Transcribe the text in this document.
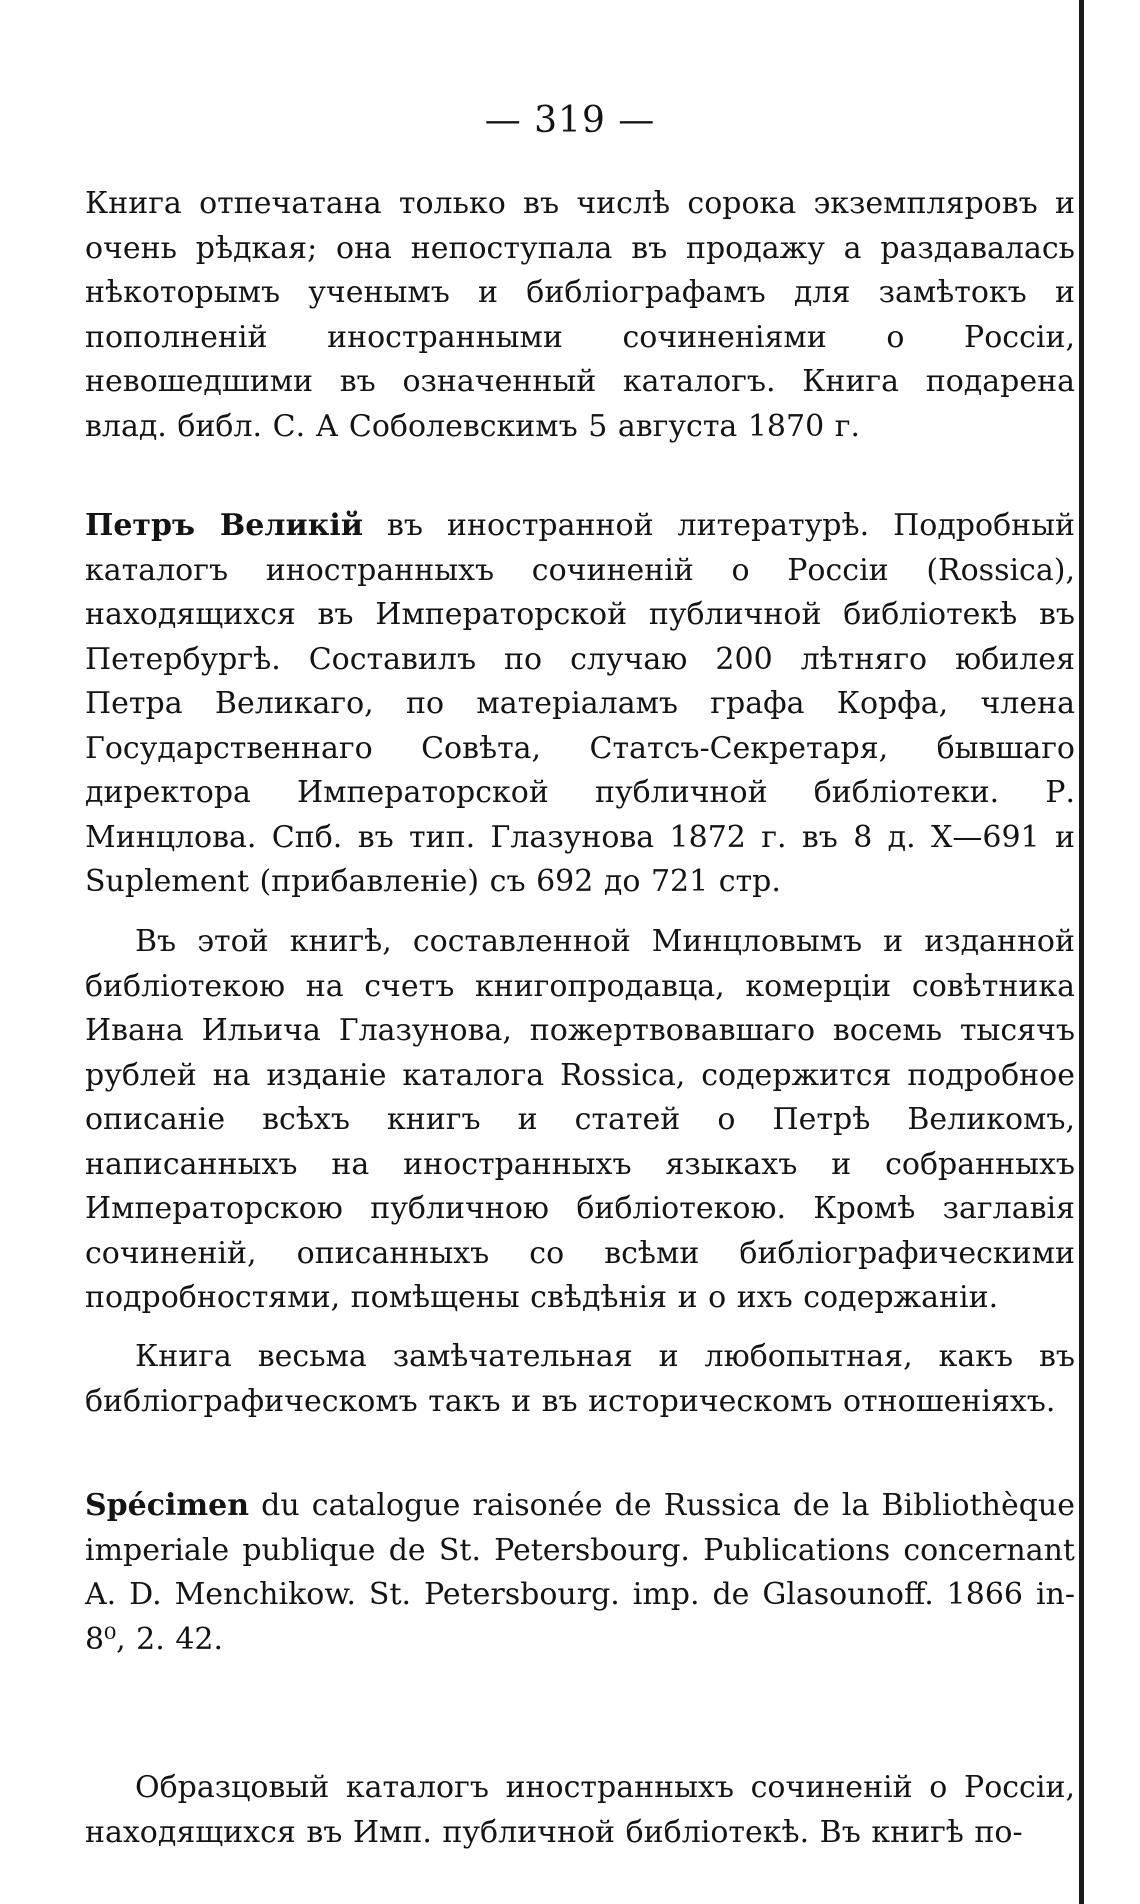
— 319 —

Книга отпечатана только въ числѣ сорока экземпляровъ и очень рѣдкая; она непоступала въ продажу а раздавалась нѣкоторымъ ученымъ и библіографамъ для замѣтокъ и пополненій иностранными сочиненіями о Россіи, невошедшими въ означенный каталогъ. Книга подарена влад. библ. С. А Соболевскимъ 5 августа 1870 г.

Петръ Великій въ иностранной литературѣ. Подробный каталогъ иностранныхъ сочиненій о Россіи (Rossica), находящихся въ Императорской публичной библіотекѣ въ Петербургѣ. Составилъ по случаю 200 лѣтняго юбилея Петра Великаго, по матеріаламъ графа Корфа, члена Государственнаго Совѣта, Статсъ-Секретаря, бывшаго директора Императорской публичной библіотеки. Р. Минцлова. Спб. въ тип. Глазунова 1872 г. въ 8 д. X—691 и Suplement (прибавленіе) съ 692 до 721 стр.

Въ этой книгѣ, составленной Минцловымъ и изданной библіотекою на счетъ книгопродавца, комерціи совѣтника Ивана Ильича Глазунова, пожертвовавшаго восемь тысячъ рублей на изданіе каталога Rossica, содержится подробное описаніе всѣхъ книгъ и статей о Петрѣ Великомъ, написанныхъ на иностранныхъ языкахъ и собранныхъ Императорскою публичною библіотекою. Кромѣ заглавія сочиненій, описанныхъ со всѣми библіографическими подробностями, помѣщены свѣдѣнія и о ихъ содержаніи.

Книга весьма замѣчательная и любопытная, какъ въ библіографическомъ такъ и въ историческомъ отношеніяхъ.

Spécimen du catalogue raisonée de Russica de la Bibliothèque imperiale publique de St. Petersbourg. Publications concernant A. D. Menchikow. St. Petersbourg. imp. de Glasounoff. 1866 in-8⁰, 2. 42.

Образцовый каталогъ иностранныхъ сочиненій о Россіи, находящихся въ Имп. публичной библіотекѣ. Въ книгѣ по-
